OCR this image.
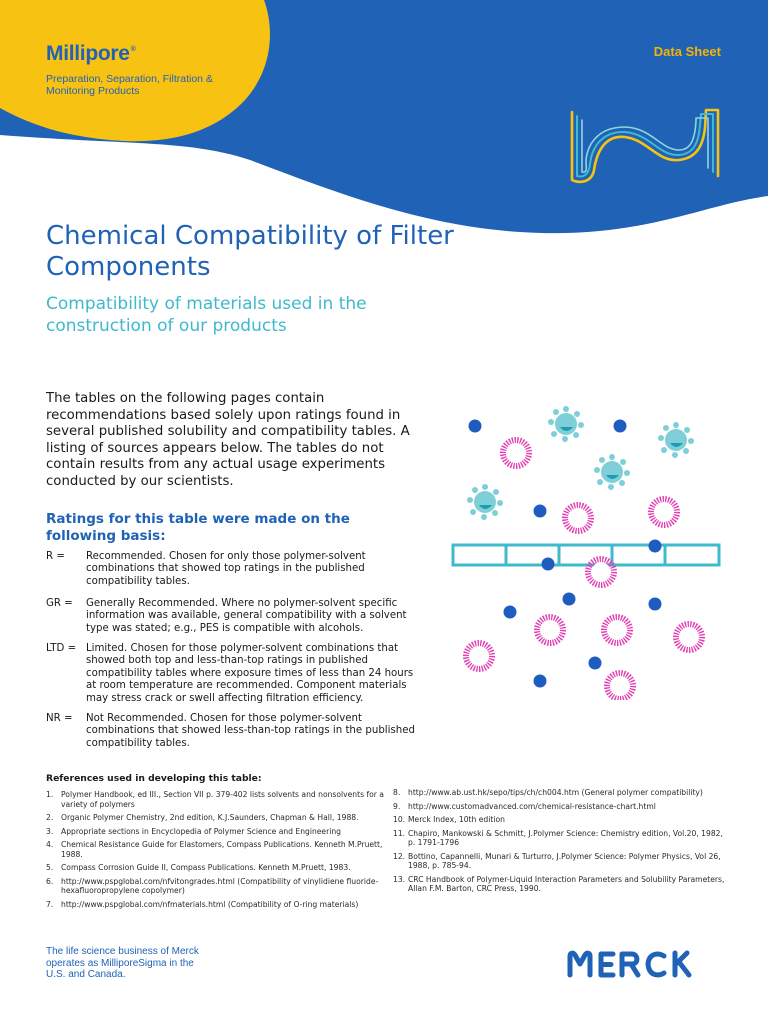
Millipore®
Preparation, Separation, Filtration & Monitoring Products
Data Sheet
Chemical Compatibility of Filter Components
Compatibility of materials used in the construction of our products
The tables on the following pages contain recommendations based solely upon ratings found in several published solubility and compatibility tables. A listing of sources appears below. The tables do not contain results from any actual usage experiments conducted by our scientists.
Ratings for this table were made on the following basis:
R =	Recommended. Chosen for only those polymer-solvent combinations that showed top ratings in the published compatibility tables.
GR =	Generally Recommended. Where no polymer-solvent specific information was available, general compatibility with a solvent type was stated; e.g., PES is compatible with alcohols.
LTD = Limited. Chosen for those polymer-solvent combinations that showed both top and less-than-top ratings in published compatibility tables where exposure times of less than 24 hours at room temperature are recommended. Component materials may stress crack or swell affecting filtration efficiency.
NR =	Not Recommended. Chosen for those polymer-solvent combinations that showed less-than-top ratings in the published compatibility tables.
References used in developing this table:
1.	Polymer Handbook, ed III., Section VII p. 379-402 lists solvents and nonsolvents for a variety of polymers
2.	Organic Polymer Chemistry, 2nd edition, K.J.Saunders, Chapman & Hall, 1988.
3.	Appropriate sections in Encyclopedia of Polymer Science and Engineering
4.	Chemical Resistance Guide for Elastomers, Compass Publications. Kenneth M.Pruett, 1988.
5.	Compass Corrosion Guide II, Compass Publications. Kenneth M.Pruett, 1983.
6.	http://www.pspglobal.com/nfvitongrades.html (Compatibility of vinylidiene fluoride-hexafluoropropylene copolymer)
7.	http://www.pspglobal.com/nfmaterials.html (Compatibility of O-ring materials)
8.	http://www.ab.ust.hk/sepo/tips/ch/ch004.htm (General polymer compatibility)
9.	http://www.customadvanced.com/chemical-resistance-chart.html
10. Merck Index, 10th edition
11. Chapiro, Mankowski & Schmitt, J.Polymer Science: Chemistry edition, Vol.20, 1982, p. 1791-1796
12. Bottino, Capannelli, Munari & Turturro, J.Polymer Science: Polymer Physics, Vol 26, 1988, p. 785-94.
13. CRC Handbook of Polymer-Liquid Interaction Parameters and Solubility Parameters, Allan F.M. Barton, CRC Press, 1990.
The life science business of Merck operates as MilliporeSigma in the U.S. and Canada.
